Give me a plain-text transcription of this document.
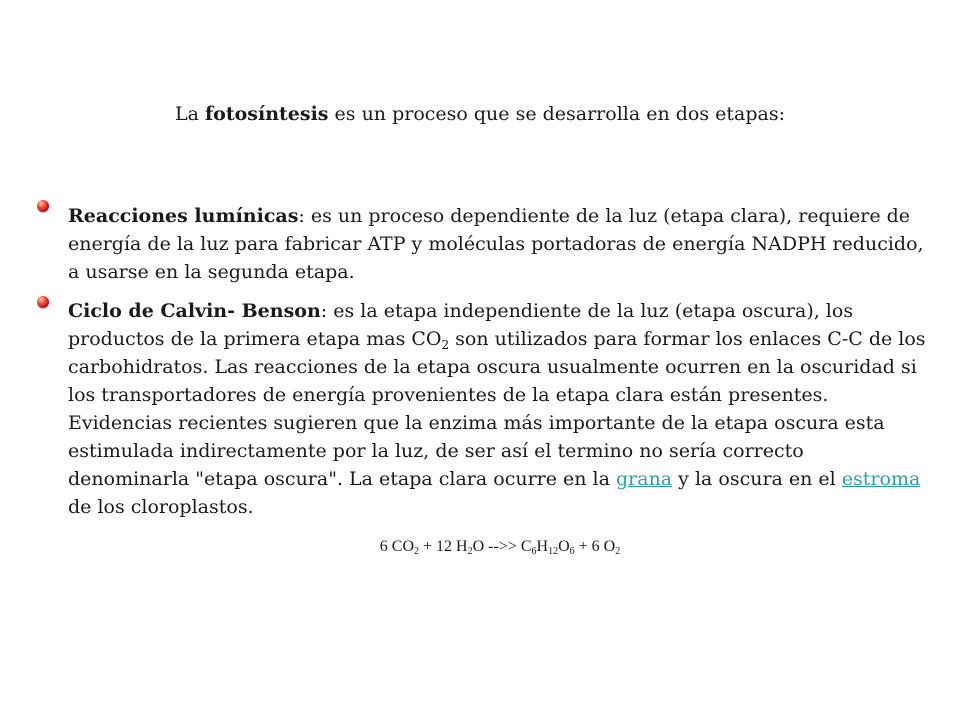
La fotosíntesis es un proceso que se desarrolla en dos etapas:
Reacciones lumínicas: es un proceso dependiente de la luz (etapa clara), requiere de energía de la luz para fabricar ATP y moléculas portadoras de energía NADPH reducido, a usarse en la segunda etapa.
Ciclo de Calvin- Benson: es la etapa independiente de la luz (etapa oscura), los productos de la primera etapa mas $CO_2$ son utilizados para formar los enlaces C-C de los carbohidratos. Las reacciones de la etapa oscura usualmente ocurren en la oscuridad si los transportadores de energía provenientes de la etapa clara están presentes. Evidencias recientes sugieren que la enzima más importante de la etapa oscura esta estimulada indirectamente por la luz, de ser así el termino no sería correcto denominarla "etapa oscura". La etapa clara ocurre en la grana y la oscura en el estroma de los cloroplastos.
6 $CO_2 + 12$ $H_2O$ -->> $C_6H_{12}O_6 + 6$ $O_2$
